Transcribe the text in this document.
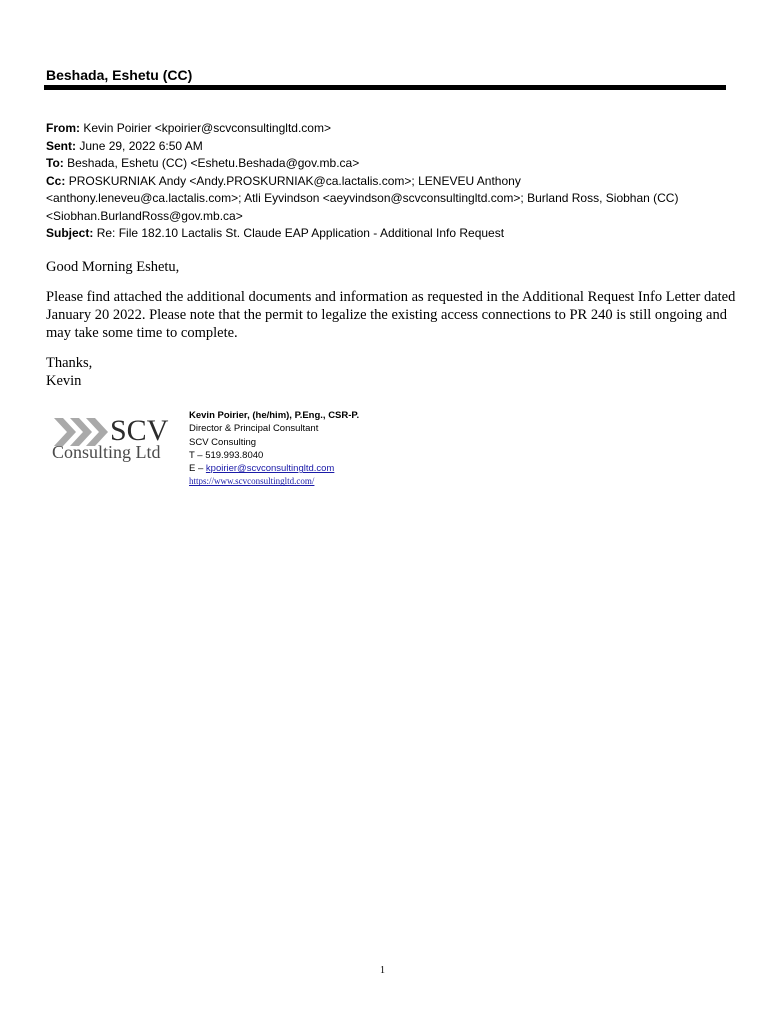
Beshada, Eshetu (CC)
From: Kevin Poirier <kpoirier@scvconsultingltd.com>
Sent: June 29, 2022 6:50 AM
To: Beshada, Eshetu (CC) <Eshetu.Beshada@gov.mb.ca>
Cc: PROSKURNIAK Andy <Andy.PROSKURNIAK@ca.lactalis.com>; LENEVEU Anthony
<anthony.leneveu@ca.lactalis.com>; Atli Eyvindson <aeyvindson@scvconsultingltd.com>; Burland Ross, Siobhan (CC)
<Siobhan.BurlandRoss@gov.mb.ca>
Subject: Re: File 182.10 Lactalis St. Claude EAP Application - Additional Info Request

Good Morning Eshetu,

Please find attached the additional documents and information as requested in the Additional Request Info Letter dated January 20 2022. Please note that the permit to legalize the existing access connections to PR 240 is still ongoing and may take some time to complete.

Thanks,

Kevin

SCV
Consulting Ltd
Kevin Poirier, (he/him), P.Eng., CSR-P.
Director & Principal Consultant
SCV Consulting
T – 519.993.8040
E – kpoirier@scvconsultingltd.com
https://www.scvconsultingltd.com/
1
